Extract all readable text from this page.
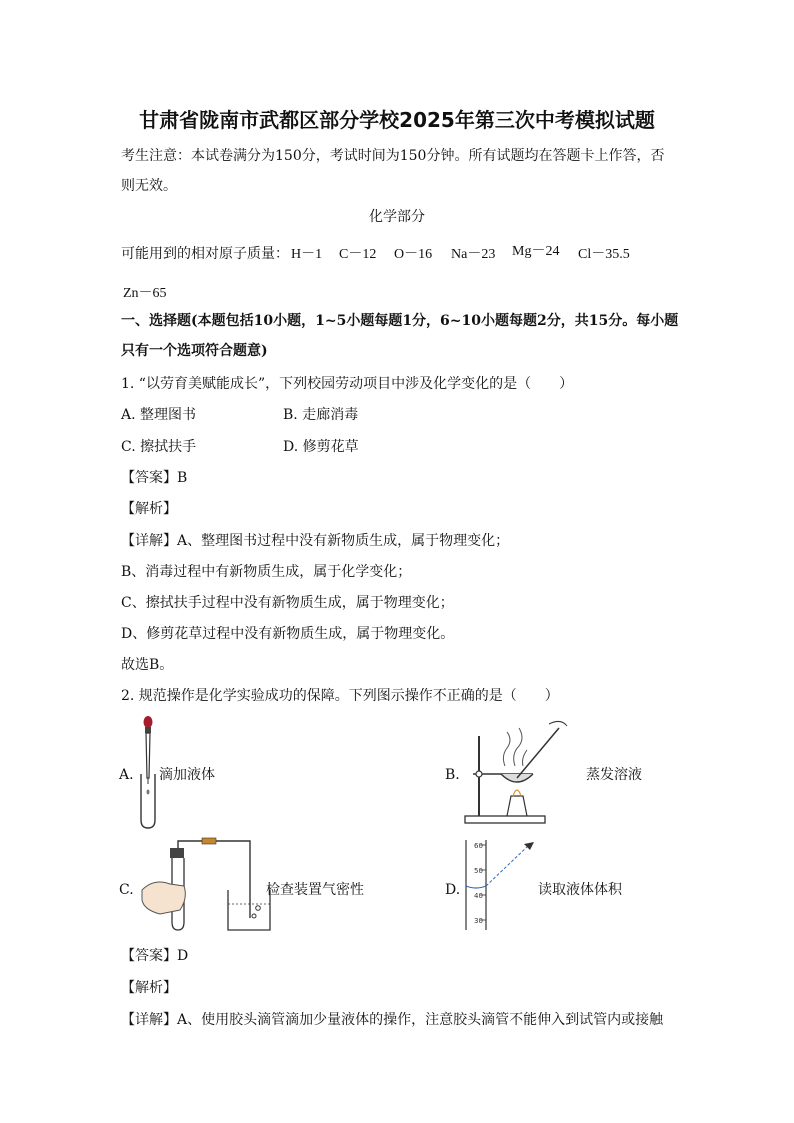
甘肃省陇南市武都区部分学校2025年第三次中考模拟试题
考生注意：本试卷满分为150分，考试时间为150分钟。所有试题均在答题卡上作答，否
则无效。
化学部分
可能用到的相对原子质量： H－1 C－12 O－16 Na－23 Mg－24 Cl－35.5
Zn－65
一、选择题(本题包括10小题，1~5小题每题1分，6~10小题每题2分，共15分。每小题
只有一个选项符合题意)
1. “以劳育美赋能成长”，下列校园劳动项目中涉及化学变化的是（　　）
A. 整理图书	B. 走廊消毒
C. 擦拭扶手	D. 修剪花草
【答案】B
【解析】
【详解】A、整理图书过程中没有新物质生成，属于物理变化；
B、消毒过程中有新物质生成，属于化学变化；
C、擦拭扶手过程中没有新物质生成，属于物理变化；
D、修剪花草过程中没有新物质生成，属于物理变化。
故选B。
2. 规范操作是化学实验成功的保障。下列图示操作不正确的是（　　）
A. 滴加液体	B.	蒸发溶液
C.	检查装置气密性	D.
60
50
40
30
读取液体体积
【答案】D
【解析】
【详解】A、使用胶头滴管滴加少量液体的操作，注意胶头滴管不能伸入到试管内或接触
